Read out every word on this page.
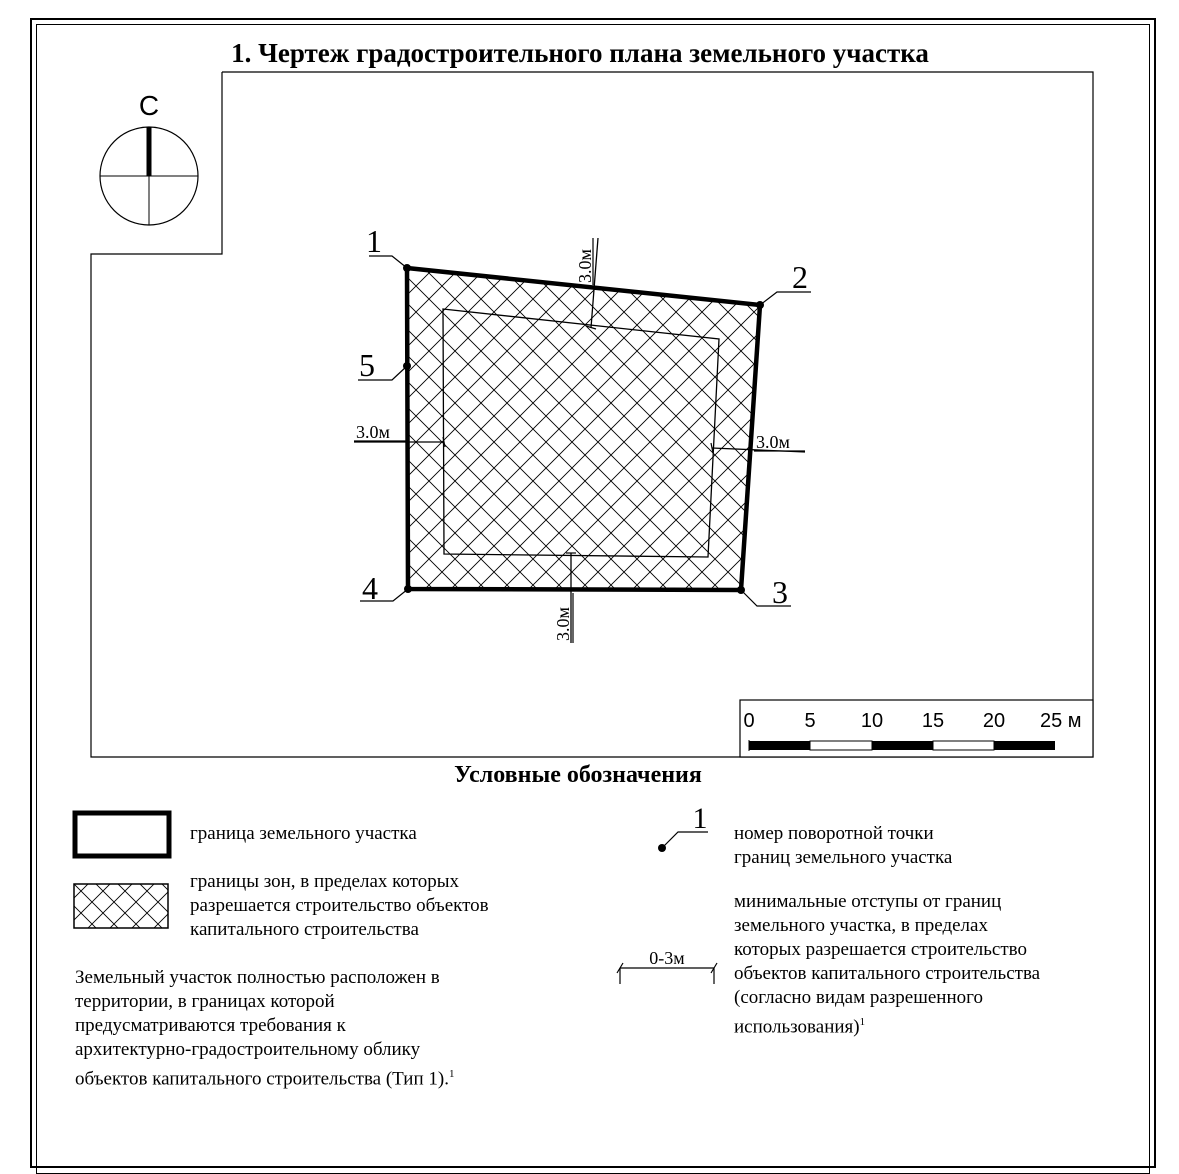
1. Чертеж градостроительного плана земельного участка
С
1
2
3
4
5
3.0м
3.0м	3.0м
3.0м
0 5 10 15 20 25 м
Условные обозначения
граница земельного участка
границы зон, в пределах которых
разрешается строительство объектов
капитального строительства
Земельный участок полностью расположен в
территории, в границах которой
предусматриваются требования к
архитектурно-градостроительному облику
объектов капитального строительства (Тип 1).$^1$
1 номер поворотной точки
границ земельного участка
0-3м
минимальные отступы от границ
земельного участка, в пределах
которых разрешается строительство
объектов капитального строительства
(согласно видам разрешенного
использования)$^1$
